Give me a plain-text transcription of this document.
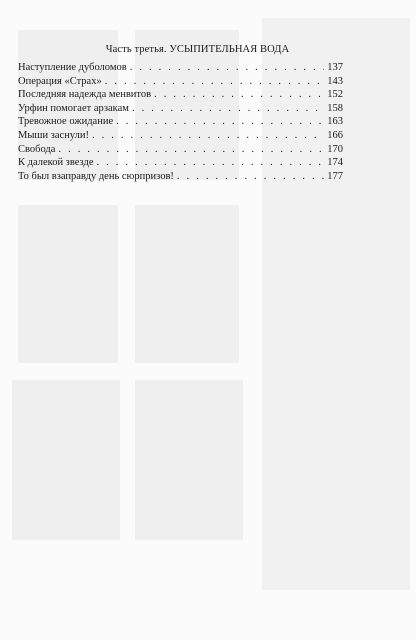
Часть третья. УСЫПИТЕЛЬНАЯ ВОДА
Наступление дуболомов . . .	137
Операция «Страх» . . .	143
Последняя надежда менвитов . . .	152
Урфин помогает арзакам . . .	158
Тревожное ожидание . . .	163
Мыши заснули! . . .	166
Свобода . . .	170
К далекой звезде . . .	174
То был взаправду день сюрпризов! . . .	177
